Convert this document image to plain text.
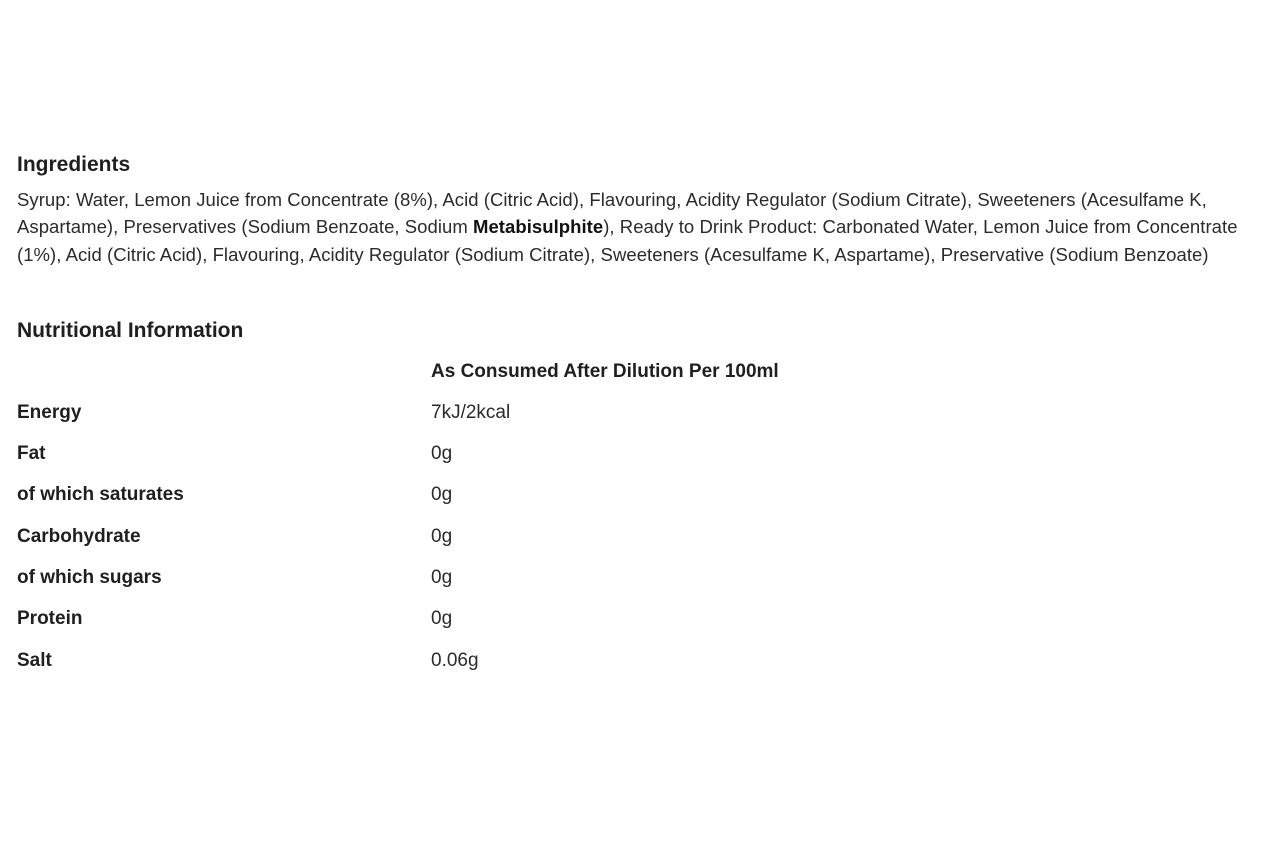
Ingredients

Syrup: Water, Lemon Juice from Concentrate (8%), Acid (Citric Acid), Flavouring, Acidity Regulator (Sodium Citrate), Sweeteners (Acesulfame K, Aspartame), Preservatives (Sodium Benzoate, Sodium Metabisulphite), Ready to Drink Product: Carbonated Water, Lemon Juice from Concentrate (1%), Acid (Citric Acid), Flavouring, Acidity Regulator (Sodium Citrate), Sweeteners (Acesulfame K, Aspartame), Preservative (Sodium Benzoate)

Nutritional Information
	As Consumed After Dilution Per 100ml
Energy	7kJ/2kcal
Fat	0g
of which saturates	0g
Carbohydrate	0g
of which sugars	0g
Protein	0g
Salt	0.06g
